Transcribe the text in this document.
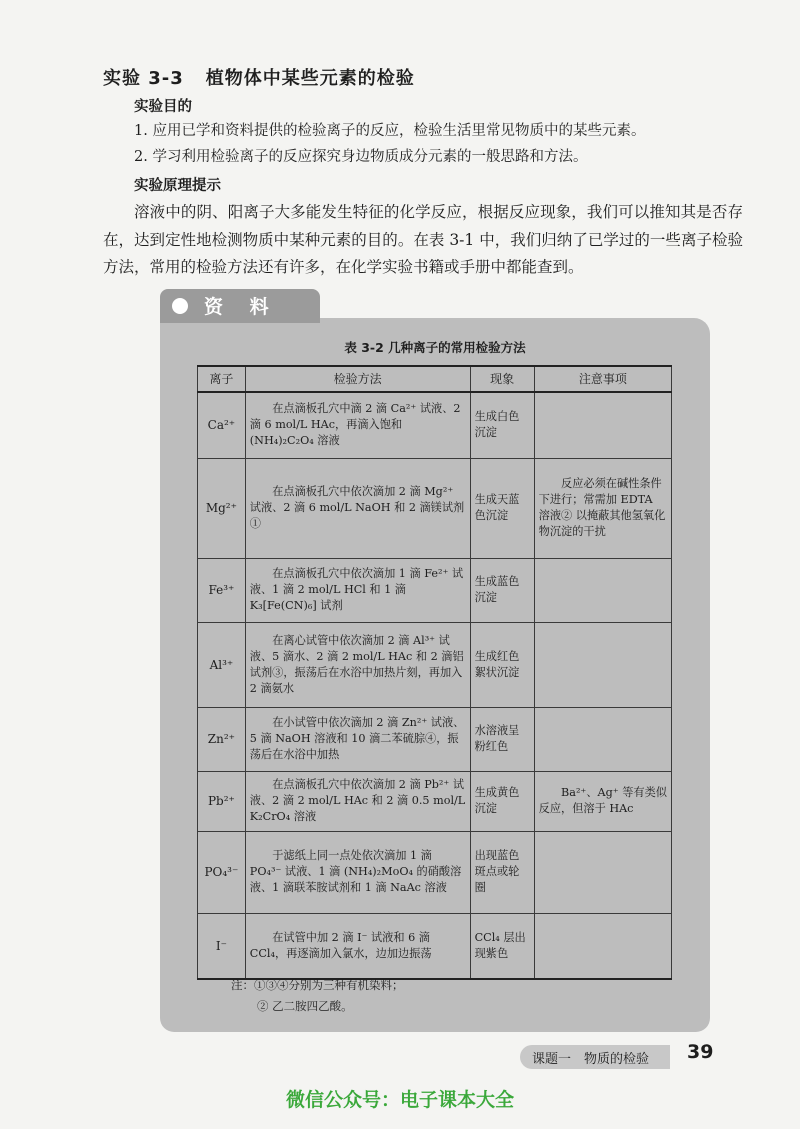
实验 3-3 植物体中某些元素的检验
实验目的
1. 应用已学和资料提供的检验离子的反应，检验生活里常见物质中的某些元素。
2. 学习利用检验离子的反应探究身边物质成分元素的一般思路和方法。
实验原理提示
溶液中的阴、阳离子大多能发生特征的化学反应，根据反应现象，我们可以推知其是否存在，达到定性地检测物质中某种元素的目的。在表 3-1 中，我们归纳了已学过的一些离子检验方法，常用的检验方法还有许多，在化学实验书籍或手册中都能查到。
资 料
表 3-2 几种离子的常用检验方法
离子	检验方法	现象	注意事项
Ca²⁺	在点滴板孔穴中滴 2 滴 Ca²⁺ 试液、2 滴 6 mol/L HAc，再滴入饱和 (NH₄)₂C₂O₄ 溶液	生成白色沉淀	
Mg²⁺	在点滴板孔穴中依次滴加 2 滴 Mg²⁺ 试液、2 滴 6 mol/L NaOH 和 2 滴镁试剂①	生成天蓝色沉淀	反应必须在碱性条件下进行；常需加 EDTA 溶液② 以掩蔽其他氢氧化物沉淀的干扰
Fe³⁺	在点滴板孔穴中依次滴加 1 滴 Fe²⁺ 试液、1 滴 2 mol/L HCl 和 1 滴 K₃[Fe(CN)₆] 试剂	生成蓝色沉淀	
Al³⁺	在离心试管中依次滴加 2 滴 Al³⁺ 试液、5 滴水、2 滴 2 mol/L HAc 和 2 滴铝试剂③，振荡后在水浴中加热片刻，再加入 2 滴氨水	生成红色絮状沉淀	
Zn²⁺	在小试管中依次滴加 2 滴 Zn²⁺ 试液、5 滴 NaOH 溶液和 10 滴二苯硫腙④，振荡后在水浴中加热	水溶液呈粉红色	
Pb²⁺	在点滴板孔穴中依次滴加 2 滴 Pb²⁺ 试液、2 滴 2 mol/L HAc 和 2 滴 0.5 mol/L K₂CrO₄ 溶液	生成黄色沉淀	Ba²⁺、Ag⁺ 等有类似反应，但溶于 HAc
PO₄³⁻	于滤纸上同一点处依次滴加 1 滴 PO₄³⁻ 试液、1 滴 (NH₄)₂MoO₄ 的硝酸溶液、1 滴联苯胺试剂和 1 滴 NaAc 溶液	出现蓝色斑点或轮圈	
I⁻	在试管中加 2 滴 I⁻ 试液和 6 滴 CCl₄，再逐滴加入氯水，边加边振荡	CCl₄ 层出现紫色	
注：①③④分别为三种有机染料；
② 乙二胺四乙酸。
课题一　物质的检验 39
微信公众号：电子课本大全
